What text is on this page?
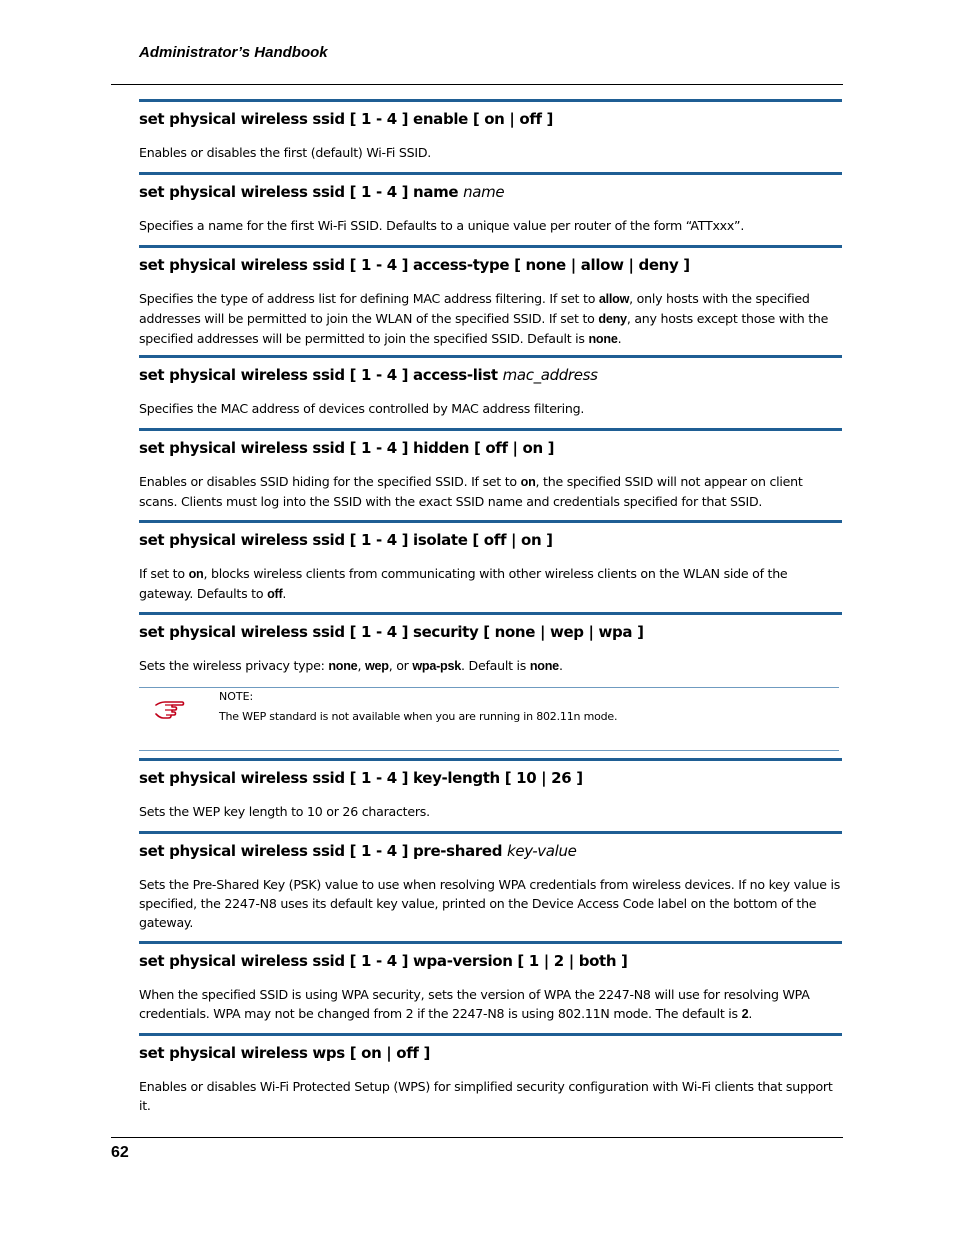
Administrator’s Handbook
set physical wireless ssid [ 1 - 4 ] enable [ on | off ]
Enables or disables the first (default) Wi-Fi SSID.
set physical wireless ssid [ 1 - 4 ] name name
Specifies a name for the first Wi-Fi SSID. Defaults to a unique value per router of the form “ATTxxx”.
set physical wireless ssid [ 1 - 4 ] access-type [ none | allow | deny ]
Specifies the type of address list for defining MAC address filtering. If set to allow, only hosts with the specified addresses will be permitted to join the WLAN of the specified SSID. If set to deny, any hosts except those with the specified addresses will be permitted to join the specified SSID. Default is none.
set physical wireless ssid [ 1 - 4 ] access-list mac_address
Specifies the MAC address of devices controlled by MAC address filtering.
set physical wireless ssid [ 1 - 4 ] hidden [ off | on ]
Enables or disables SSID hiding for the specified SSID. If set to on, the specified SSID will not appear on client scans. Clients must log into the SSID with the exact SSID name and credentials specified for that SSID.
set physical wireless ssid [ 1 - 4 ] isolate [ off | on ]
If set to on, blocks wireless clients from communicating with other wireless clients on the WLAN side of the gateway. Defaults to off.
set physical wireless ssid [ 1 - 4 ] security [ none | wep | wpa ]
Sets the wireless privacy type: none, wep, or wpa-psk. Default is none.
NOTE:
The WEP standard is not available when you are running in 802.11n mode.
set physical wireless ssid [ 1 - 4 ] key-length [ 10 | 26 ]
Sets the WEP key length to 10 or 26 characters.
set physical wireless ssid [ 1 - 4 ] pre-shared key-value
Sets the Pre-Shared Key (PSK) value to use when resolving WPA credentials from wireless devices. If no key value is specified, the 2247-N8 uses its default key value, printed on the Device Access Code label on the bottom of the gateway.
set physical wireless ssid [ 1 - 4 ] wpa-version [ 1 | 2 | both ]
When the specified SSID is using WPA security, sets the version of WPA the 2247-N8 will use for resolving WPA credentials. WPA may not be changed from 2 if the 2247-N8 is using 802.11N mode. The default is 2.
set physical wireless wps [ on | off ]
Enables or disables Wi-Fi Protected Setup (WPS) for simplified security configuration with Wi-Fi clients that support it.
62
